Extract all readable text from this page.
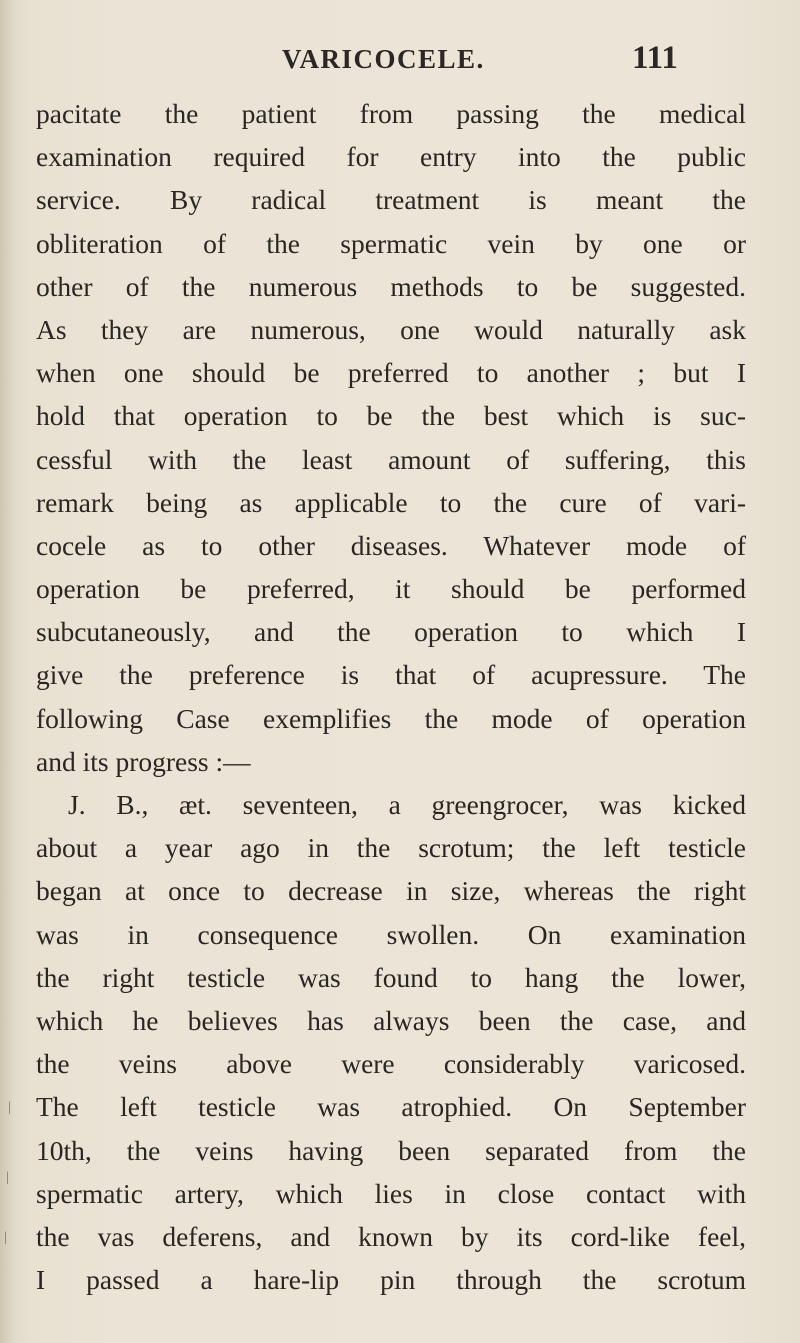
VARICOCELE.	111
pacitate the patient from passing the medical
examination required for entry into the public
service. By radical treatment is meant the
obliteration of the spermatic vein by one or
other of the numerous methods to be suggested.
As they are numerous, one would naturally ask
when one should be preferred to another ; but I
hold that operation to be the best which is suc-
cessful with the least amount of suffering, this
remark being as applicable to the cure of vari-
cocele as to other diseases. Whatever mode of
operation be preferred, it should be performed
subcutaneously, and the operation to which I
give the preference is that of acupressure. The
following Case exemplifies the mode of operation
and its progress :—
J. B., æt. seventeen, a greengrocer, was kicked
about a year ago in the scrotum; the left testicle
began at once to decrease in size, whereas the right
was in consequence swollen. On examination
the right testicle was found to hang the lower,
which he believes has always been the case, and
the veins above were considerably varicosed.
The left testicle was atrophied. On September
10th, the veins having been separated from the
spermatic artery, which lies in close contact with
the vas deferens, and known by its cord-like feel,
I passed a hare-lip pin through the scrotum
|
|
|
